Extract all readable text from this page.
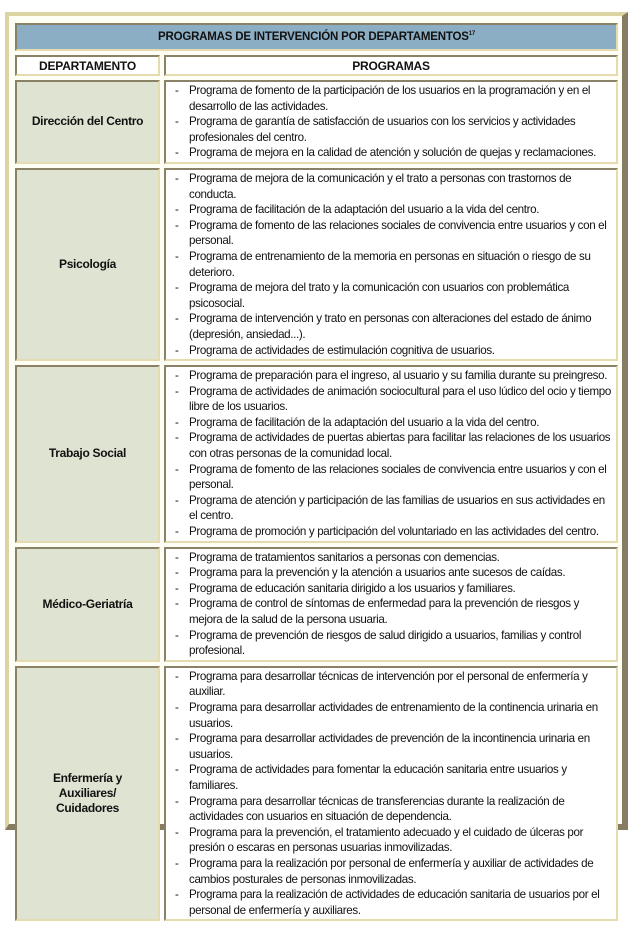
PROGRAMAS DE INTERVENCIÓN POR DEPARTAMENTOS$^{17}$
DEPARTAMENTO		PROGRAMAS
Dirección del Centro		
- Programa de fomento de la participación de los usuarios en la programación y en el desarrollo de las actividades.
- Programa de garantía de satisfacción de usuarios con los servicios y actividades profesionales del centro.
- Programa de mejora en la calidad de atención y solución de quejas y reclamaciones.

Psicología		
- Programa de mejora de la comunicación y el trato a personas con trastornos de conducta.
- Programa de facilitación de la adaptación del usuario a la vida del centro.
- Programa de fomento de las relaciones sociales de convivencia entre usuarios y con el personal.
- Programa de entrenamiento de la memoria en personas en situación o riesgo de su deterioro.
- Programa de mejora del trato y la comunicación con usuarios con problemática psicosocial.
- Programa de intervención y trato en personas con alteraciones del estado de ánimo (depresión, ansiedad...).
- Programa de actividades de estimulación cognitiva de usuarios.

Trabajo Social		
- Programa de preparación para el ingreso, al usuario y su familia durante su preingreso.
- Programa de actividades de animación sociocultural para el uso lúdico del ocio y tiempo libre de los usuarios.
- Programa de facilitación de la adaptación del usuario a la vida del centro.
- Programa de actividades de puertas abiertas para facilitar las relaciones de los usuarios con otras personas de la comunidad local.
- Programa de fomento de las relaciones sociales de convivencia entre usuarios y con el personal.
- Programa de atención y participación de las familias de usuarios en sus actividades en el centro.
- Programa de promoción y participación del voluntariado en las actividades del centro.

Médico-Geriatría		
- Programa de tratamientos sanitarios a personas con demencias.
- Programa para la prevención y la atención a usuarios ante sucesos de caídas.
- Programa de educación sanitaria dirigido a los usuarios y familiares.
- Programa de control de síntomas de enfermedad para la prevención de riesgos y mejora de la salud de la persona usuaria.
- Programa de prevención de riesgos de salud dirigido a usuarios, familias y control profesional.

Enfermería y Auxiliares/ Cuidadores		
- Programa para desarrollar técnicas de intervención por el personal de enfermería y auxiliar.
- Programa para desarrollar actividades de entrenamiento de la continencia urinaria en usuarios.
- Programa para desarrollar actividades de prevención de la incontinencia urinaria en usuarios.
- Programa de actividades para fomentar la educación sanitaria entre usuarios y familiares.
- Programa para desarrollar técnicas de transferencias durante la realización de actividades con usuarios en situación de dependencia.
- Programa para la prevención, el tratamiento adecuado y el cuidado de úlceras por presión o escaras en personas usuarias inmovilizadas.
- Programa para la realización por personal de enfermería y auxiliar de actividades de cambios posturales de personas inmovilizadas.
- Programa para la realización de actividades de educación sanitaria de usuarios por el personal de enfermería y auxiliares.
